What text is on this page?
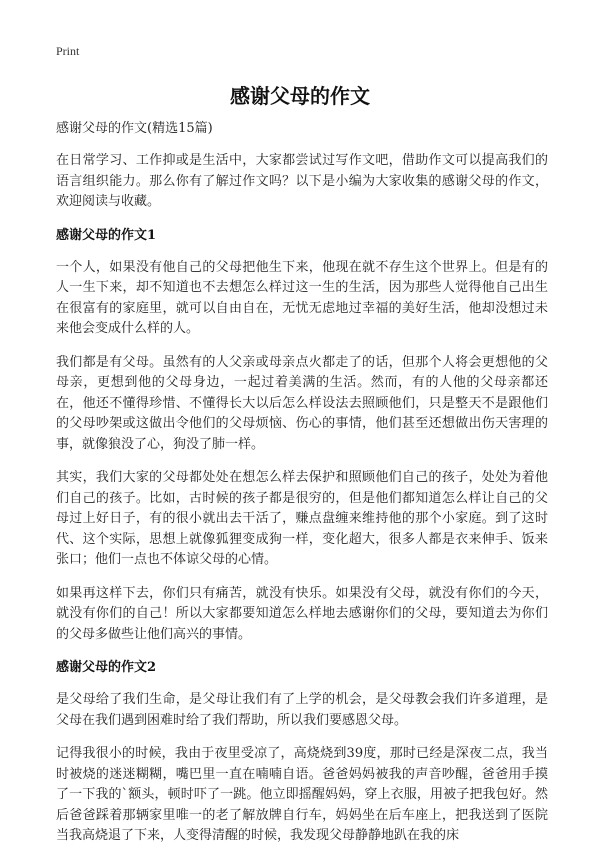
Print
感谢父母的作文

感谢父母的作文(精选15篇)

在日常学习、工作抑或是生活中，大家都尝试过写作文吧，借助作文可以提高我们的语言组织能力。那么你有了解过作文吗？以下是小编为大家收集的感谢父母的作文，欢迎阅读与收藏。

感谢父母的作文1

一个人，如果没有他自己的父母把他生下来，他现在就不存生这个世界上。但是有的人一生下来，却不知道也不去想怎么样过这一生的生活，因为那些人觉得他自己出生在很富有的家庭里，就可以自由自在，无忧无虑地过幸福的美好生活，他却没想过未来他会变成什么样的人。

我们都是有父母。虽然有的人父亲或母亲点火都走了的话，但那个人将会更想他的父母亲，更想到他的父母身边，一起过着美满的生活。然而，有的人他的父母亲都还在，他还不懂得珍惜、不懂得长大以后怎么样设法去照顾他们，只是整天不是跟他们的父母吵架或这做出令他们的父母烦恼、伤心的事情，他们甚至还想做出伤天害理的事，就像狼没了心，狗没了肺一样。

其实，我们大家的父母都处处在想怎么样去保护和照顾他们自己的孩子，处处为着他们自己的孩子。比如，古时候的孩子都是很穷的，但是他们都知道怎么样让自己的父母过上好日子，有的很小就出去干活了，赚点盘缠来维持他的那个小家庭。到了这时代、这个实际，思想上就像狐狸变成狗一样，变化超大，很多人都是衣来伸手、饭来张口；他们一点也不体谅父母的心情。

如果再这样下去，你们只有痛苦，就没有快乐。如果没有父母，就没有你们的今天，就没有你们的自己！所以大家都要知道怎么样地去感谢你们的父母，要知道去为你们的父母多做些让他们高兴的事情。

感谢父母的作文2

是父母给了我们生命，是父母让我们有了上学的机会，是父母教会我们许多道理，是父母在我们遇到困难时给了我们帮助，所以我们要感恩父母。

记得我很小的时候，我由于夜里受凉了，高烧烧到39度，那时已经是深夜二点，我当时被烧的迷迷糊糊，嘴巴里一直在喃喃自语。爸爸妈妈被我的声音吵醒，爸爸用手摸了一下我的`额头，顿时吓了一跳。他立即摇醒妈妈，穿上衣服，用被子把我包好。然后爸爸踩着那辆家里唯一的老了解放牌自行车，妈妈坐在后车座上，把我送到了医院当我高烧退了下来，人变得清醒的时候，我发现父母静静地趴在我的床
